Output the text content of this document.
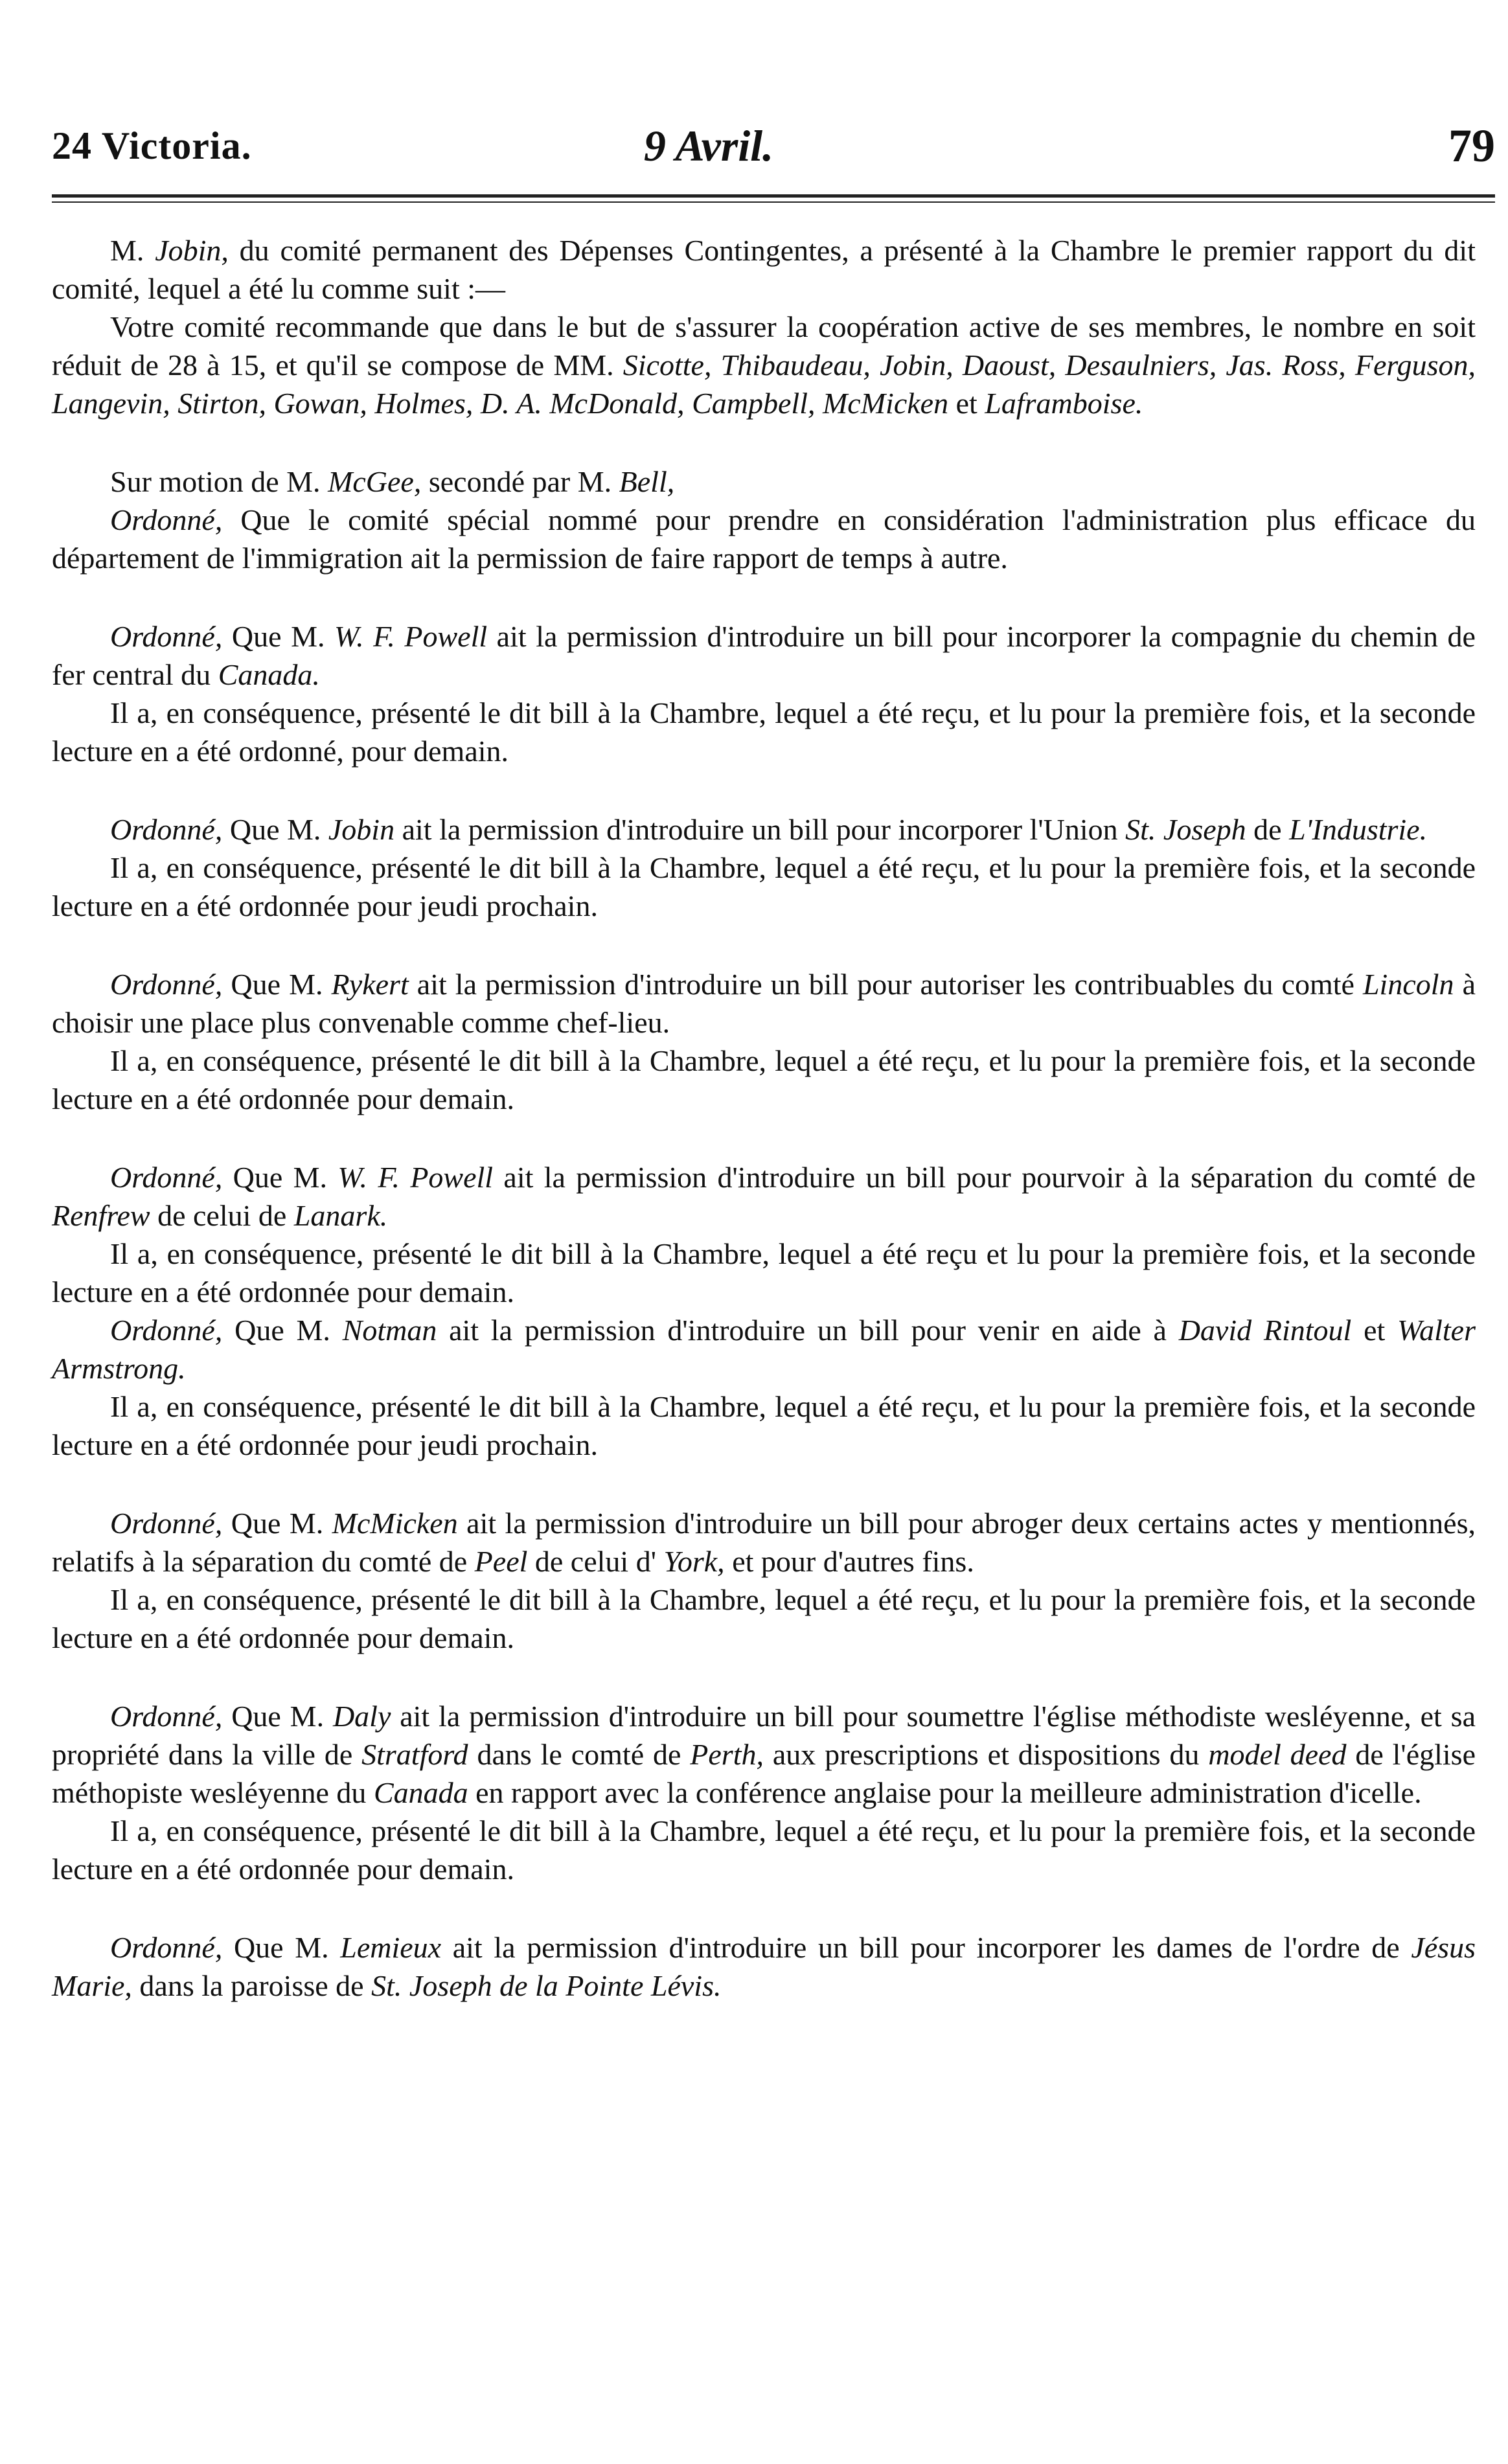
24 Victoria.	9 Avril.	79

M. Jobin, du comité permanent des Dépenses Contingentes, a présenté à la Chambre le premier rapport du dit comité, lequel a été lu comme suit :—

Votre comité recommande que dans le but de s'assurer la coopération active de ses membres, le nombre en soit réduit de 28 à 15, et qu'il se compose de MM. Sicotte, Thibaudeau, Jobin, Daoust, Desaulniers, Jas. Ross, Ferguson, Langevin, Stirton, Gowan, Holmes, D. A. McDonald, Campbell, McMicken et Laframboise.

Sur motion de M. McGee, secondé par M. Bell,

Ordonné, Que le comité spécial nommé pour prendre en considération l'administration plus efficace du département de l'immigration ait la permission de faire rapport de temps à autre.

Ordonné, Que M. W. F. Powell ait la permission d'introduire un bill pour incorporer la compagnie du chemin de fer central du Canada.

Il a, en conséquence, présenté le dit bill à la Chambre, lequel a été reçu, et lu pour la première fois, et la seconde lecture en a été ordonné, pour demain.

Ordonné, Que M. Jobin ait la permission d'introduire un bill pour incorporer l'Union St. Joseph de L'Industrie.

Il a, en conséquence, présenté le dit bill à la Chambre, lequel a été reçu, et lu pour la première fois, et la seconde lecture en a été ordonnée pour jeudi prochain.

Ordonné, Que M. Rykert ait la permission d'introduire un bill pour autoriser les contribuables du comté Lincoln à choisir une place plus convenable comme chef-lieu.

Il a, en conséquence, présenté le dit bill à la Chambre, lequel a été reçu, et lu pour la première fois, et la seconde lecture en a été ordonnée pour demain.

Ordonné, Que M. W. F. Powell ait la permission d'introduire un bill pour pourvoir à la séparation du comté de Renfrew de celui de Lanark.

Il a, en conséquence, présenté le dit bill à la Chambre, lequel a été reçu et lu pour la première fois, et la seconde lecture en a été ordonnée pour demain.

Ordonné, Que M. Notman ait la permission d'introduire un bill pour venir en aide à David Rintoul et Walter Armstrong.

Il a, en conséquence, présenté le dit bill à la Chambre, lequel a été reçu, et lu pour la première fois, et la seconde lecture en a été ordonnée pour jeudi prochain.

Ordonné, Que M. McMicken ait la permission d'introduire un bill pour abroger deux certains actes y mentionnés, relatifs à la séparation du comté de Peel de celui d' York, et pour d'autres fins.

Il a, en conséquence, présenté le dit bill à la Chambre, lequel a été reçu, et lu pour la première fois, et la seconde lecture en a été ordonnée pour demain.

Ordonné, Que M. Daly ait la permission d'introduire un bill pour soumettre l'église méthodiste wesléyenne, et sa propriété dans la ville de Stratford dans le comté de Perth, aux prescriptions et dispositions du model deed de l'église méthopiste wesléyenne du Canada en rapport avec la conférence anglaise pour la meilleure administration d'icelle.

Il a, en conséquence, présenté le dit bill à la Chambre, lequel a été reçu, et lu pour la première fois, et la seconde lecture en a été ordonnée pour demain.

Ordonné, Que M. Lemieux ait la permission d'introduire un bill pour incorporer les dames de l'ordre de Jésus Marie, dans la paroisse de St. Joseph de la Pointe Lévis.
